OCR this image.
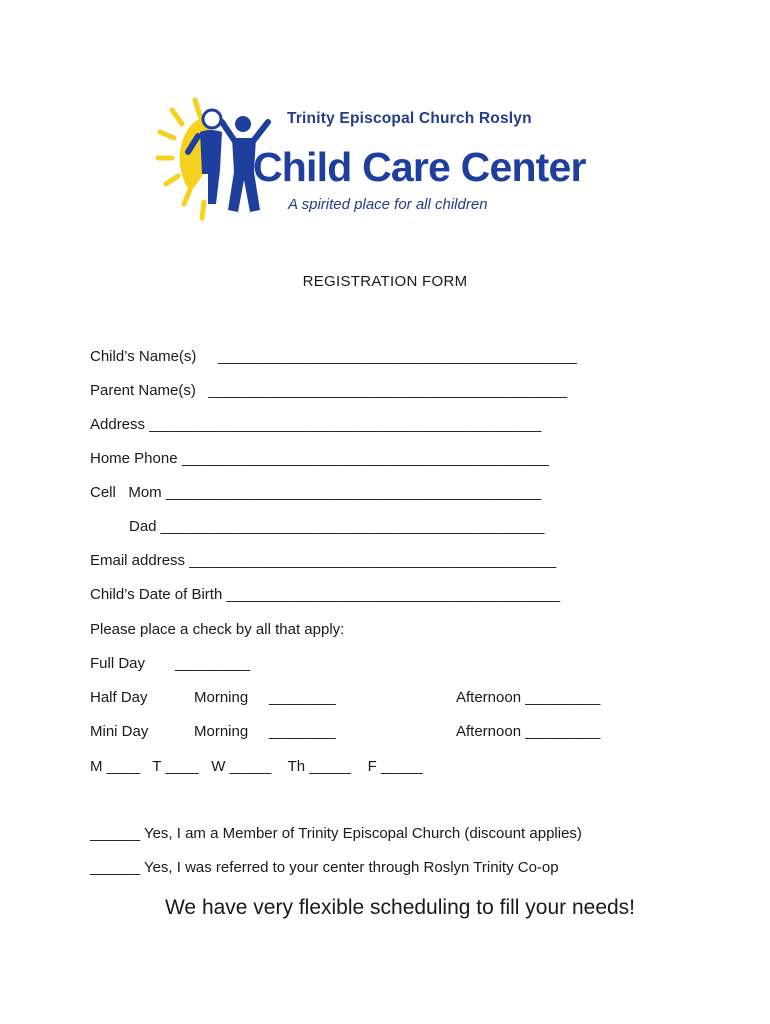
Trinity Episcopal Church Roslyn
Child Care Center
A spirited place for all children
REGISTRATION FORM
Child’s Name(s) ___________________________________________
Parent Name(s)   ___________________________________________
Address _______________________________________________
Home Phone ____________________________________________
Cell   Mom _____________________________________________
Dad ______________________________________________
Email address ____________________________________________
Child’s Date of Birth ________________________________________
Please place a check by all that apply:
Full Day _________
Half Day	Morning     ________	Afternoon _________
Mini Day	Morning     ________	Afternoon _________
M ____   T ____   W _____    Th _____    F _____
______ Yes, I am a Member of Trinity Episcopal Church (discount applies)
______ Yes, I was referred to your center through Roslyn Trinity Co-op
We have very flexible scheduling to fill your needs!
